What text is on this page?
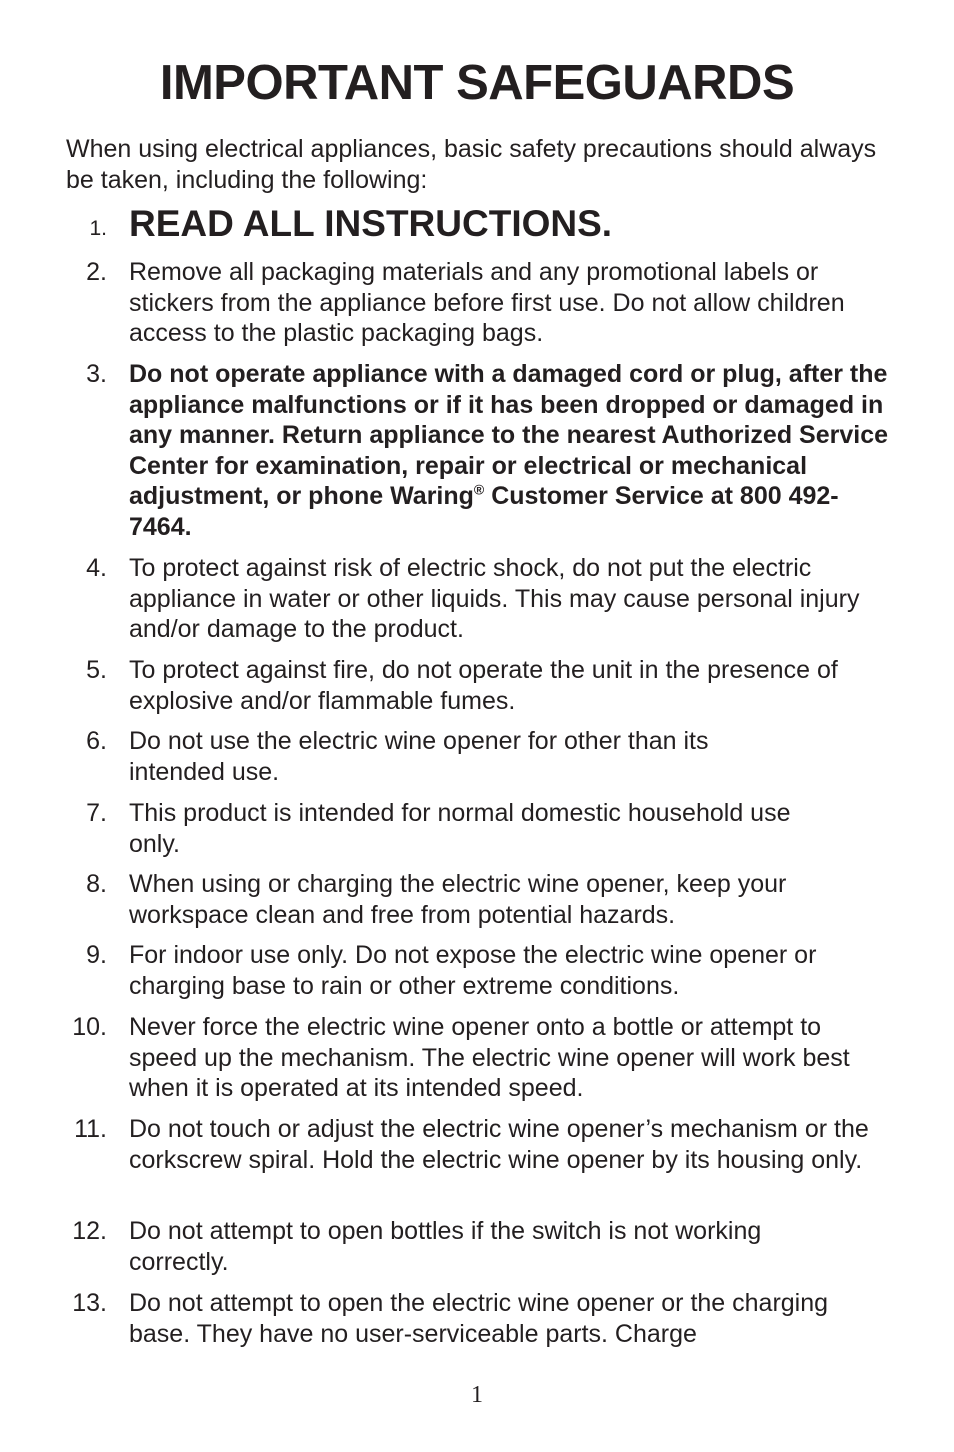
IMPORTANT SAFEGUARDS

When using electrical appliances, basic safety precautions should always be taken, including the following:

1. READ ALL INSTRUCTIONS.

2. Remove all packaging materials and any promotional labels or stickers from the appliance before first use. Do not allow children access to the plastic packaging bags.

3. Do not operate appliance with a damaged cord or plug, after the appliance malfunctions or if it has been dropped or damaged in any manner. Return appliance to the nearest Authorized Service Center for examination, repair or electrical or mechanical adjustment, or phone Waring® Customer Service at 800 492-7464.

4. To protect against risk of electric shock, do not put the electric appliance in water or other liquids. This may cause personal injury and/or damage to the product.

5. To protect against fire, do not operate the unit in the presence of explosive and/or flammable fumes.

6. Do not use the electric wine opener for other than its intended use.

7. This product is intended for normal domestic household use only.

8. When using or charging the electric wine opener, keep your workspace clean and free from potential hazards.

9. For indoor use only. Do not expose the electric wine opener or charging base to rain or other extreme conditions.

10. Never force the electric wine opener onto a bottle or attempt to speed up the mechanism. The electric wine opener will work best when it is operated at its intended speed.

11. Do not touch or adjust the electric wine opener’s mechanism or the corkscrew spiral. Hold the electric wine opener by its housing only.

12. Do not attempt to open bottles if the switch is not working correctly.

13. Do not attempt to open the electric wine opener or the charging base. They have no user-serviceable parts. Charge

1
